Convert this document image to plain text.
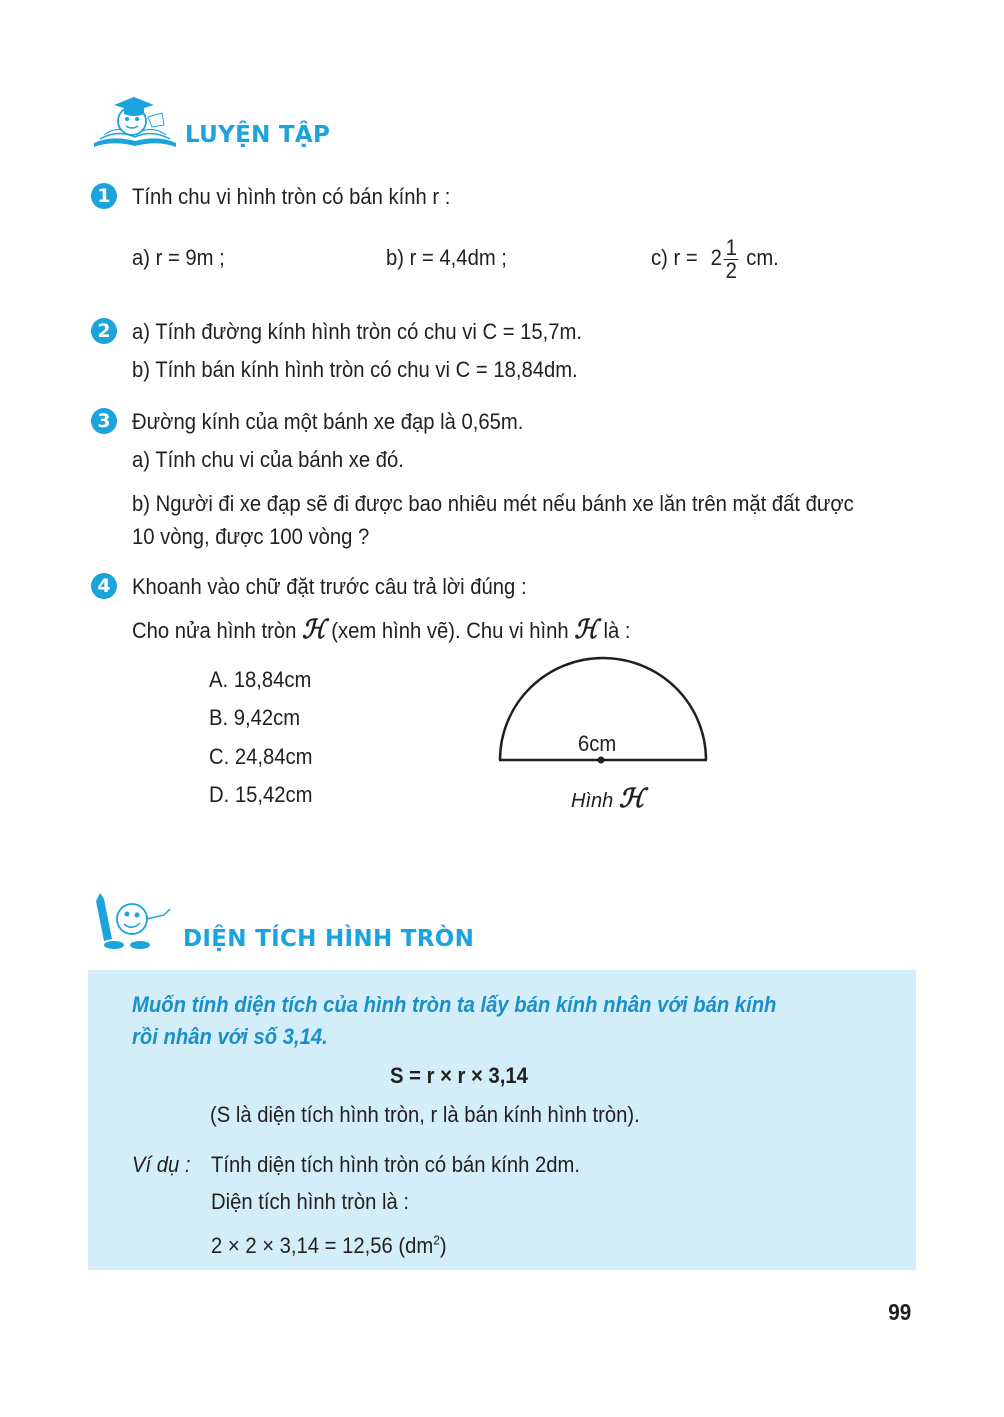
LUYỆN TẬP
1 Tính chu vi hình tròn có bán kính r :
a) r = 9m ;	b) r = 4,4dm ;	c) $r = 2 \frac{1}{2}$ cm.
2 a) Tính đường kính hình tròn có chu vi C = 15,7m.
b) Tính bán kính hình tròn có chu vi C = 18,84dm.
3 Đường kính của một bánh xe đạp là 0,65m.
a) Tính chu vi của bánh xe đó.
b) Người đi xe đạp sẽ đi được bao nhiêu mét nếu bánh xe lăn trên mặt đất được
10 vòng, được 100 vòng ?
4 Khoanh vào chữ đặt trước câu trả lời đúng :
Cho nửa hình tròn ℋ (xem hình vẽ). Chu vi hình ℋ là :
A. 18,84cm
B. 9,42cm
C. 24,84cm
D. 15,42cm
6cm
Hình ℋ
DIỆN TÍCH HÌNH TRÒN
Muốn tính diện tích của hình tròn ta lấy bán kính nhân với bán kính
rồi nhân với số 3,14.
S = r × r × 3,14
(S là diện tích hình tròn, r là bán kính hình tròn).
Ví dụ : Tính diện tích hình tròn có bán kính 2dm.
Diện tích hình tròn là :
2 × 2 × 3,14 = 12,56 $(dm^2)$
99
